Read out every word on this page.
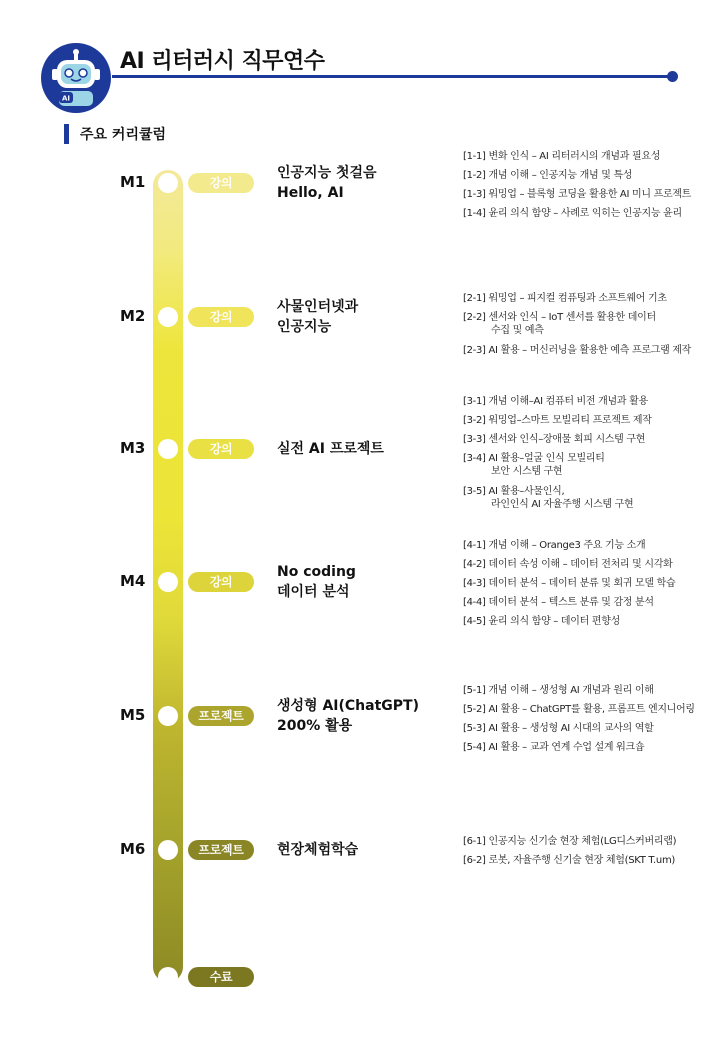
AI
AI 리터러시 직무연수
주요 커리큘럼
M1	강의
인공지능 첫걸음
Hello, AI
[1-1] 변화 인식 – AI 리터러시의 개념과 필요성
[1-2] 개념 이해 – 인공지능 개념 및 특성
[1-3] 워밍업 – 블록형 코딩을 활용한 AI 미니 프로젝트
[1-4] 윤리 의식 함양 – 사례로 익히는 인공지능 윤리
M2	강의
사물인터넷과
인공지능
[2-1] 워밍업 – 피지컬 컴퓨팅과 소프트웨어 기초
[2-2] 센서와 인식 – IoT 센서를 활용한 데이터
수집 및 예측
[2-3] AI 활용 – 머신러닝을 활용한 예측 프로그램 제작
M3	강의	실전 AI 프로젝트
[3-1] 개념 이해–AI 컴퓨터 비전 개념과 활용
[3-2] 워밍업–스마트 모빌리티 프로젝트 제작
[3-3] 센서와 인식–장애물 회피 시스템 구현
[3-4] AI 활용–얼굴 인식 모빌리티
보안 시스템 구현
[3-5] AI 활용–사물인식,
라인인식 AI 자율주행 시스템 구현
M4	강의
No coding
데이터 분석
[4-1] 개념 이해 – Orange3 주요 기능 소개
[4-2] 데이터 속성 이해 – 데이터 전처리 및 시각화
[4-3] 데이터 분석 – 데이터 분류 및 회귀 모델 학습
[4-4] 데이터 분석 – 텍스트 분류 및 감정 분석
[4-5] 윤리 의식 함양 – 데이터 편향성
M5	프로젝트
생성형 AI(ChatGPT)
200% 활용
[5-1] 개념 이해 – 생성형 AI 개념과 원리 이해
[5-2] AI 활용 – ChatGPT를 활용, 프롬프트 엔지니어링
[5-3] AI 활용 – 생성형 AI 시대의 교사의 역할
[5-4] AI 활용 – 교과 연계 수업 설계 워크숍
M6	프로젝트	현장체험학습
[6-1] 인공지능 신기술 현장 체험(LG디스커버리랩)
[6-2] 로봇, 자율주행 신기술 현장 체험(SKT T.um)
수료
